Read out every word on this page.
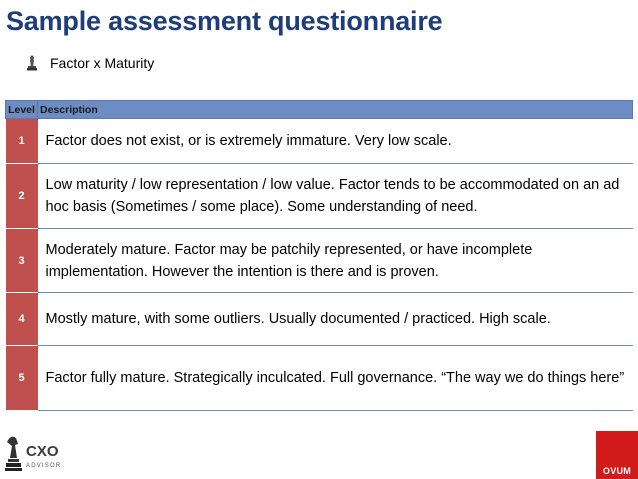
Sample assessment questionnaire
Factor x Maturity
Level	Description
1	Factor does not exist, or is extremely immature. Very low scale.
2	Low maturity / low representation / low value. Factor tends to be accommodated on an ad hoc basis (Sometimes / some place). Some understanding of need.
3	Moderately mature. Factor may be patchily represented, or have incomplete implementation. However the intention is there and is proven.
4	Mostly mature, with some outliers. Usually documented / practiced. High scale.
5	Factor fully mature. Strategically inculcated. Full governance. “The way we do things here”
CXO
ADVISOR	OVUM
